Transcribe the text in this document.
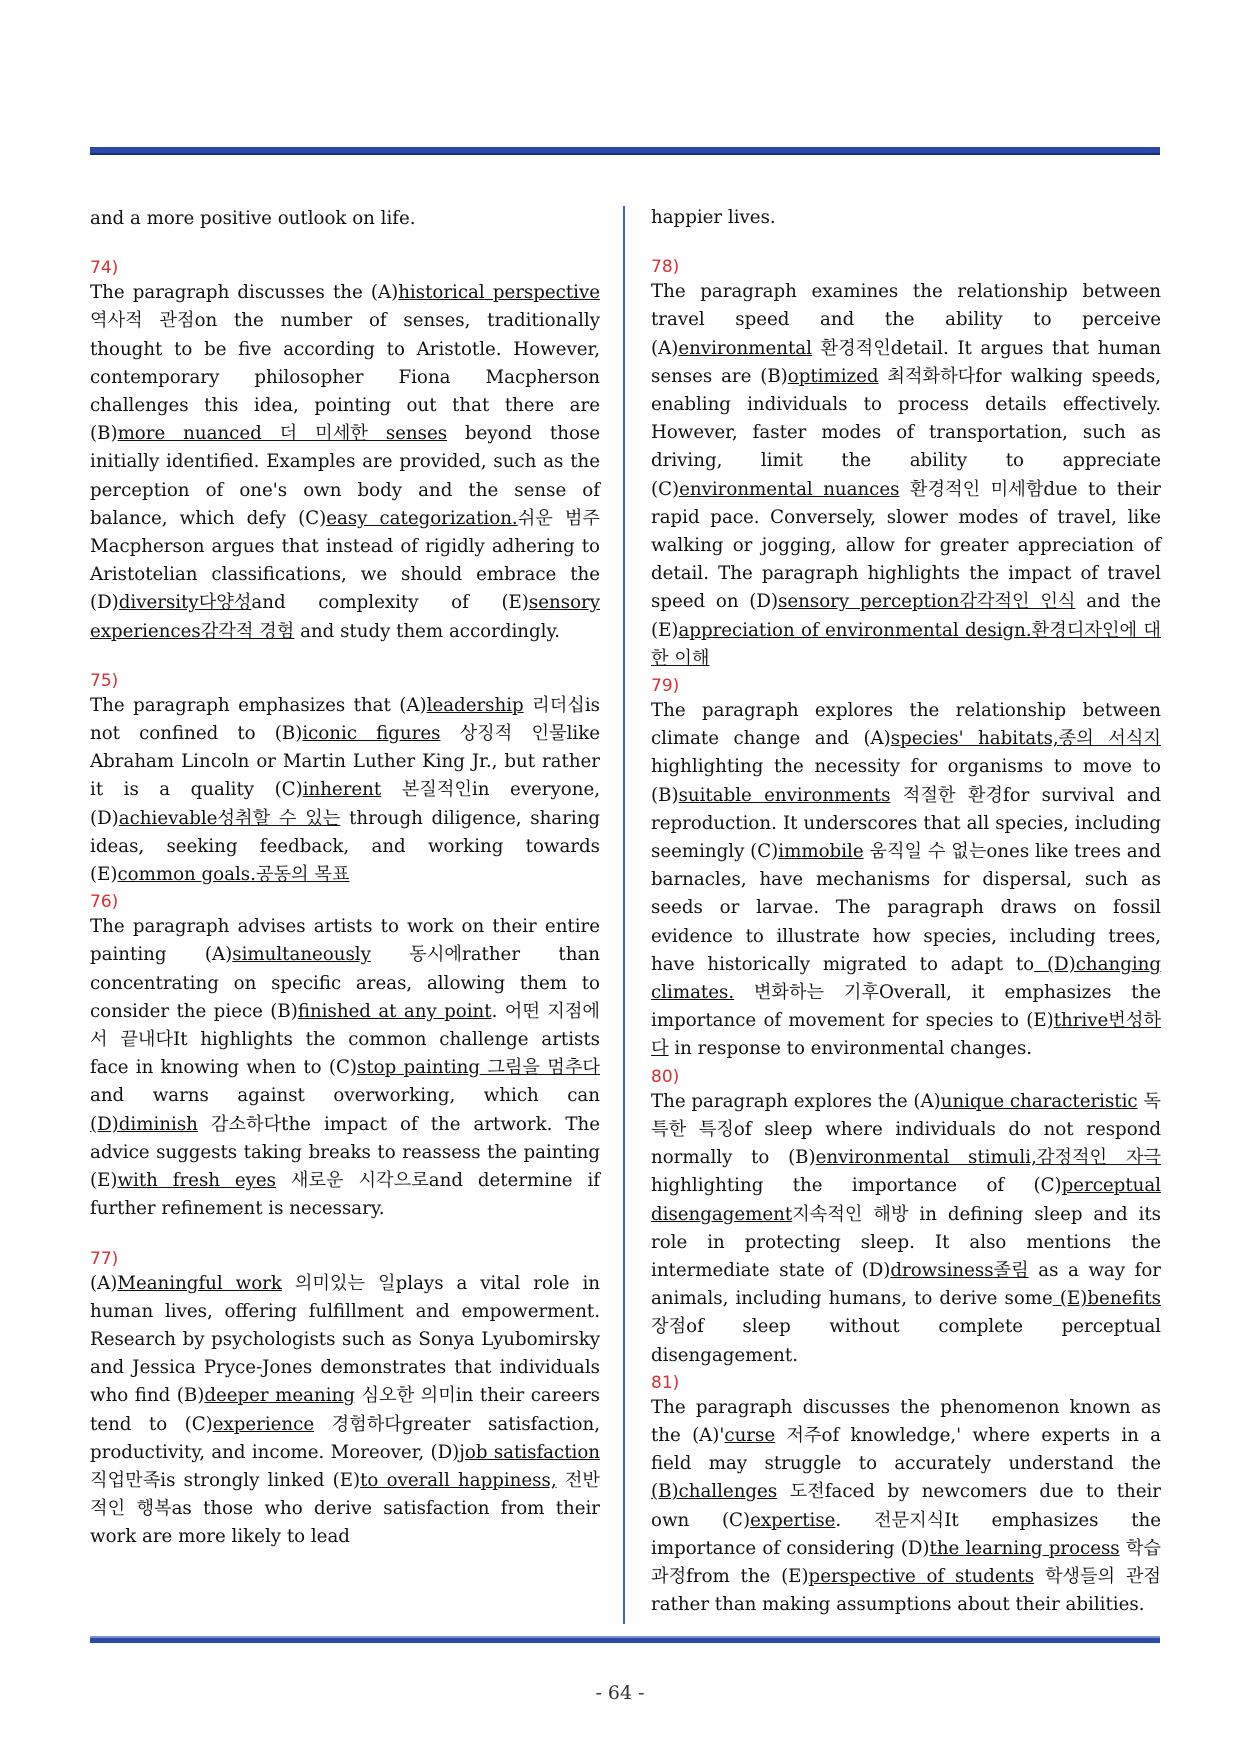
and a more positive outlook on life.

74)

The paragraph discusses the (A)historical perspective 역사적 관점on the number of senses, traditionally thought to be five according to Aristotle. However, contemporary philosopher Fiona Macpherson challenges this idea, pointing out that there are (B)more nuanced 더 미세한 senses beyond those initially identified. Examples are provided, such as the perception of one's own body and the sense of balance, which defy (C)easy categorization.쉬운 범주 Macpherson argues that instead of rigidly adhering to Aristotelian classifications, we should embrace the (D)diversity다양성and complexity of (E)sensory experiences감각적 경험 and study them accordingly.

75)

The paragraph emphasizes that (A)leadership 리더십is not confined to (B)iconic figures 상징적 인물like Abraham Lincoln or Martin Luther King Jr., but rather it is a quality (C)inherent 본질적인in everyone, (D)achievable성취할 수 있는 through diligence, sharing ideas, seeking feedback, and working towards (E)common goals.공동의 목표

76)

The paragraph advises artists to work on their entire painting (A)simultaneously 동시에rather than concentrating on specific areas, allowing them to consider the piece (B)finished at any point. 어떤 지점에서 끝내다It highlights the common challenge artists face in knowing when to (C)stop painting 그림을 멈추다and warns against overworking, which can (D)diminish 감소하다the impact of the artwork. The advice suggests taking breaks to reassess the painting (E)with fresh eyes 새로운 시각으로and determine if further refinement is necessary.

77)

(A)Meaningful work 의미있는 일plays a vital role in human lives, offering fulfillment and empowerment. Research by psychologists such as Sonya Lyubomirsky and Jessica Pryce-Jones demonstrates that individuals who find (B)deeper meaning 심오한 의미in their careers tend to (C)experience 경험하다greater satisfaction, productivity, and income. Moreover, (D)job satisfaction 직업만족is strongly linked (E)to overall happiness, 전반적인 행복as those who derive satisfaction from their work are more likely to lead

happier lives.

78)

The paragraph examines the relationship between travel speed and the ability to perceive (A)environmental 환경적인detail. It argues that human senses are (B)optimized 최적화하다for walking speeds, enabling individuals to process details effectively. However, faster modes of transportation, such as driving, limit the ability to appreciate (C)environmental nuances 환경적인 미세함due to their rapid pace. Conversely, slower modes of travel, like walking or jogging, allow for greater appreciation of detail. The paragraph highlights the impact of travel speed on (D)sensory perception감각적인 인식 and the (E)appreciation of environmental design.환경디자인에 대한 이해

79)

The paragraph explores the relationship between climate change and (A)species' habitats,종의 서식지 highlighting the necessity for organisms to move to (B)suitable environments 적절한 환경for survival and reproduction. It underscores that all species, including seemingly (C)immobile 움직일 수 없는ones like trees and barnacles, have mechanisms for dispersal, such as seeds or larvae. The paragraph draws on fossil evidence to illustrate how species, including trees, have historically migrated to adapt to (D)changing climates. 변화하는 기후Overall, it emphasizes the importance of movement for species to (E)thrive번성하다 in response to environmental changes.

80)

The paragraph explores the (A)unique characteristic 독특한 특징of sleep where individuals do not respond normally to (B)environmental stimuli,감정적인 자극 highlighting the importance of (C)perceptual disengagement지속적인 해방 in defining sleep and its role in protecting sleep. It also mentions the intermediate state of (D)drowsiness졸림 as a way for animals, including humans, to derive some (E)benefits 장점of sleep without complete perceptual disengagement.

81)

The paragraph discusses the phenomenon known as the (A)'curse 저주of knowledge,' where experts in a field may struggle to accurately understand the (B)challenges 도전faced by newcomers due to their own (C)expertise. 전문지식It emphasizes the importance of considering (D)the learning process 학습과정from the (E)perspective of students 학생들의 관점 rather than making assumptions about their abilities.

- 64 -
